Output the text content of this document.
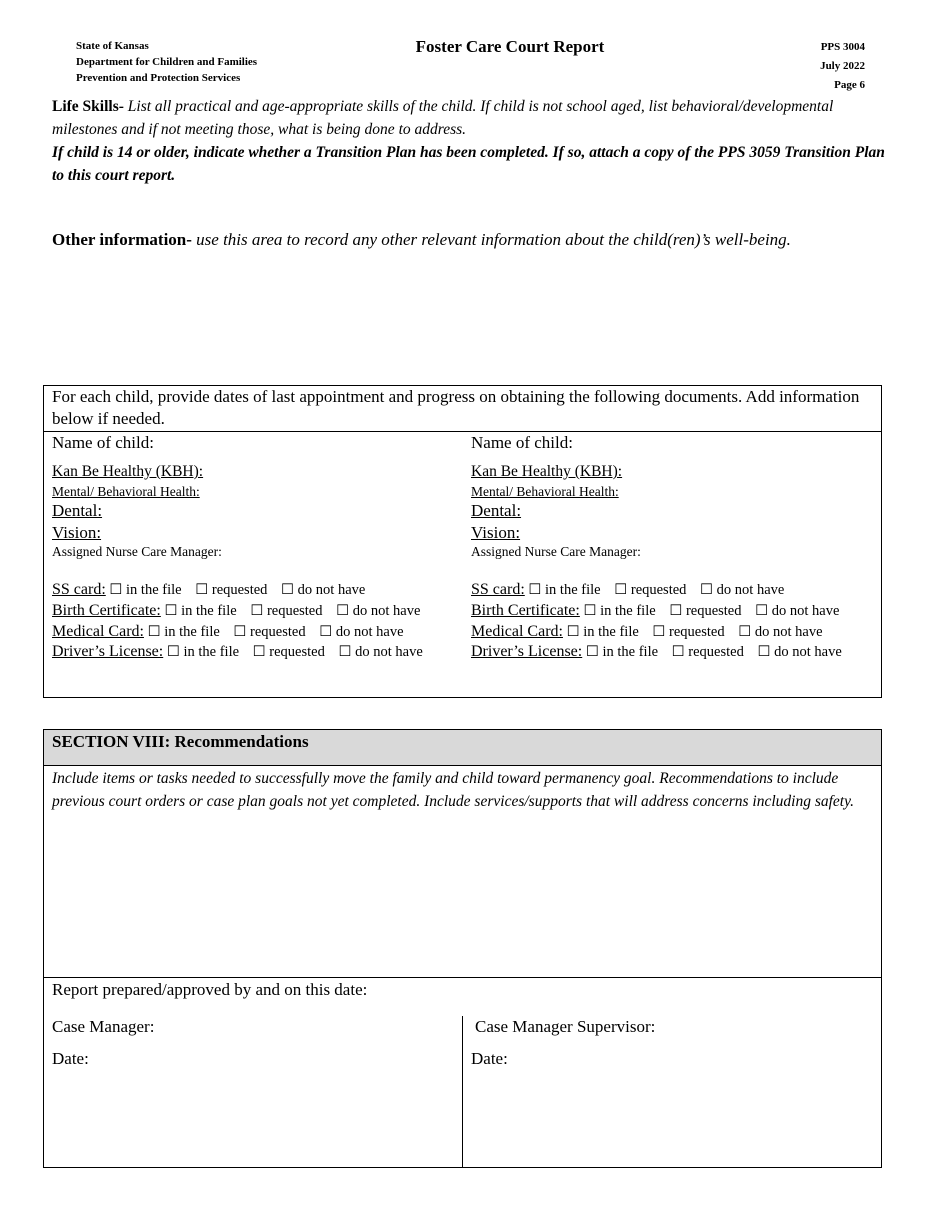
State of Kansas
Department for Children and Families
Prevention and Protection Services
Foster Care Court Report	PPS 3004
July 2022
Page 6
Life Skills- List all practical and age-appropriate skills of the child. If child is not school aged, list behavioral/developmental milestones and if not meeting those, what is being done to address.
If child is 14 or older, indicate whether a Transition Plan has been completed. If so, attach a copy of the PPS 3059 Transition Plan to this court report.
Other information- use this area to record any other relevant information about the child(ren)’s well-being.
For each child, provide dates of last appointment and progress on obtaining the following documents. Add information below if needed.
Name of child:
Kan Be Healthy (KBH):
Mental/ Behavioral Health:
Dental:
Vision:
Assigned Nurse Care Manager:
SS card: ☐ in the file ☐ requested ☐ do not have
Birth Certificate: ☐ in the file ☐ requested ☐ do not have
Medical Card: ☐ in the file ☐ requested ☐ do not have
Driver’s License: ☐ in the file ☐ requested ☐ do not have
Name of child:
Kan Be Healthy (KBH):
Mental/ Behavioral Health:
Dental:
Vision:
Assigned Nurse Care Manager:
SS card: ☐ in the file ☐ requested ☐ do not have
Birth Certificate: ☐ in the file ☐ requested ☐ do not have
Medical Card: ☐ in the file ☐ requested ☐ do not have
Driver’s License: ☐ in the file ☐ requested ☐ do not have
SECTION VIII: Recommendations
Include items or tasks needed to successfully move the family and child toward permanency goal. Recommendations to include previous court orders or case plan goals not yet completed. Include services/supports that will address concerns including safety.
Report prepared/approved by and on this date:
Case Manager:
Date:
Case Manager Supervisor:
Date:
